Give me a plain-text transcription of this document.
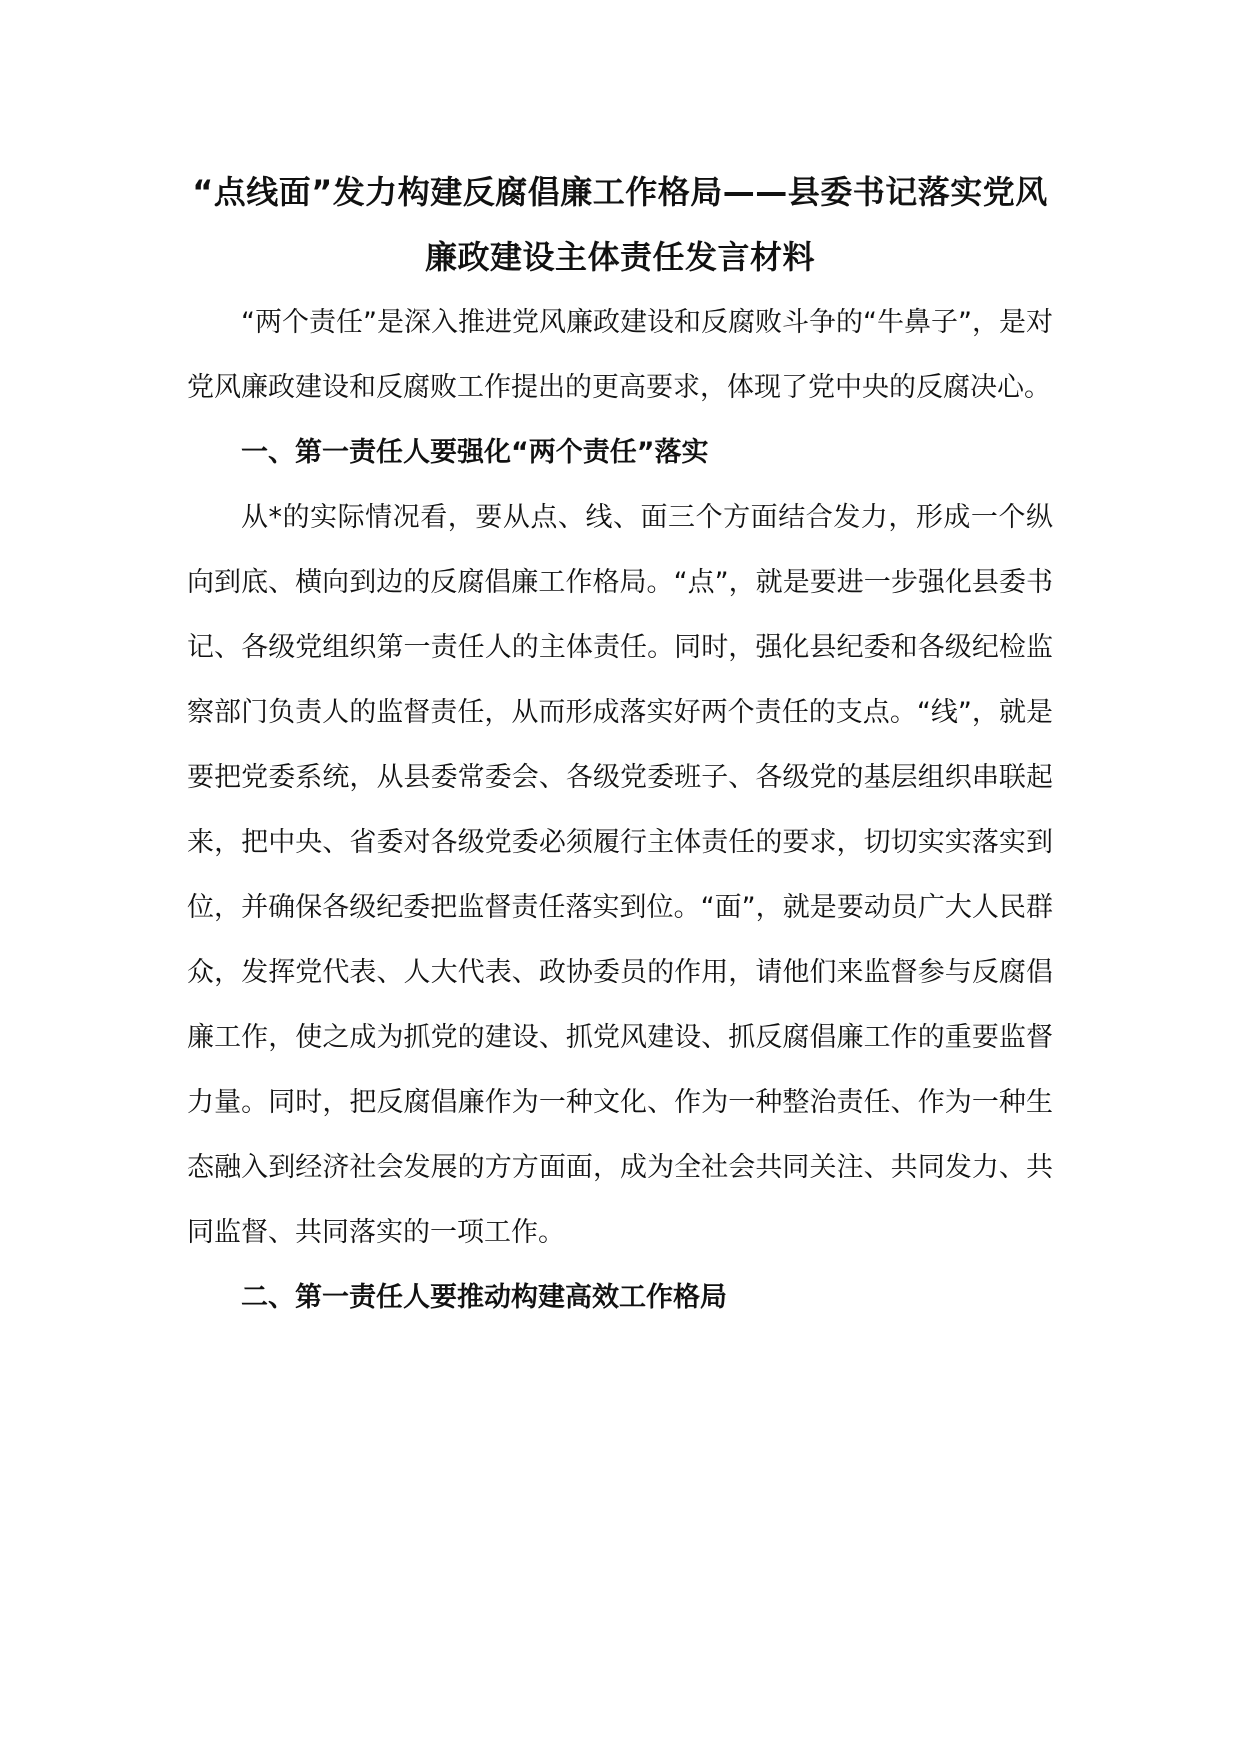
“点线面”发力构建反腐倡廉工作格局——县委书记落实党风廉政建设主体责任发言材料

“两个责任”是深入推进党风廉政建设和反腐败斗争的“牛鼻子”，是对党风廉政建设和反腐败工作提出的更高要求，体现了党中央的反腐决心。

一、第一责任人要强化“两个责任”落实

从*的实际情况看，要从点、线、面三个方面结合发力，形成一个纵向到底、横向到边的反腐倡廉工作格局。“点”，就是要进一步强化县委书记、各级党组织第一责任人的主体责任。同时，强化县纪委和各级纪检监察部门负责人的监督责任，从而形成落实好两个责任的支点。“线”，就是要把党委系统，从县委常委会、各级党委班子、各级党的基层组织串联起来，把中央、省委对各级党委必须履行主体责任的要求，切切实实落实到位，并确保各级纪委把监督责任落实到位。“面”，就是要动员广大人民群众，发挥党代表、人大代表、政协委员的作用，请他们来监督参与反腐倡廉工作，使之成为抓党的建设、抓党风建设、抓反腐倡廉工作的重要监督力量。同时，把反腐倡廉作为一种文化、作为一种整治责任、作为一种生态融入到经济社会发展的方方面面，成为全社会共同关注、共同发力、共同监督、共同落实的一项工作。

二、第一责任人要推动构建高效工作格局
